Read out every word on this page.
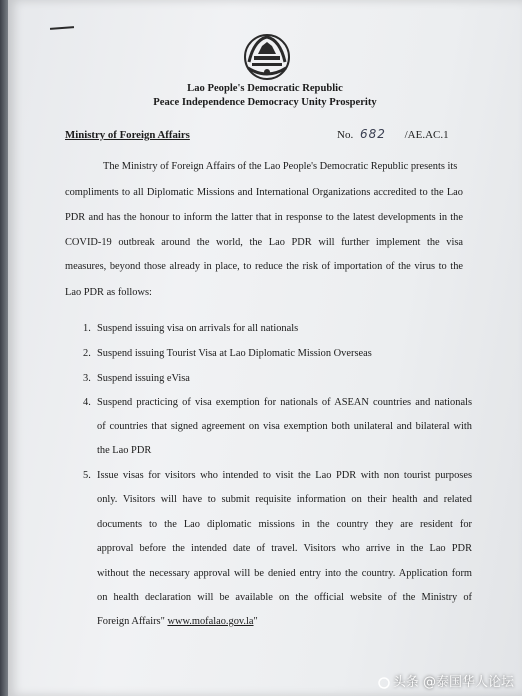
Lao People's Democratic Republic
Peace Independence Democracy Unity Prosperity
Ministry of Foreign Affairs	No. 682 /AE.AC.1
The Ministry of Foreign Affairs of the Lao People's Democratic Republic presents its
compliments to all Diplomatic Missions and International Organizations accredited to the Lao
PDR and has the honour to inform the latter that in response to the latest developments in the
COVID-19 outbreak around the world, the Lao PDR will further implement the visa
measures, beyond those already in place, to reduce the risk of importation of the virus to the
Lao PDR as follows:
1. Suspend issuing visa on arrivals for all nationals
2. Suspend issuing Tourist Visa at Lao Diplomatic Mission Overseas
3. Suspend issuing eVisa
4. Suspend practicing of visa exemption for nationals of ASEAN countries and nationals
of countries that signed agreement on visa exemption both unilateral and bilateral with
the Lao PDR
5. Issue visas for visitors who intended to visit the Lao PDR with non tourist purposes
only. Visitors will have to submit requisite information on their health and related
documents to the Lao diplomatic missions in the country they are resident for
approval before the intended date of travel. Visitors who arrive in the Lao PDR
without the necessary approval will be denied entry into the country. Application form
on health declaration will be available on the official website of the Ministry of
Foreign Affairs" www.mofalao.gov.la"
头条 @泰国华人论坛
